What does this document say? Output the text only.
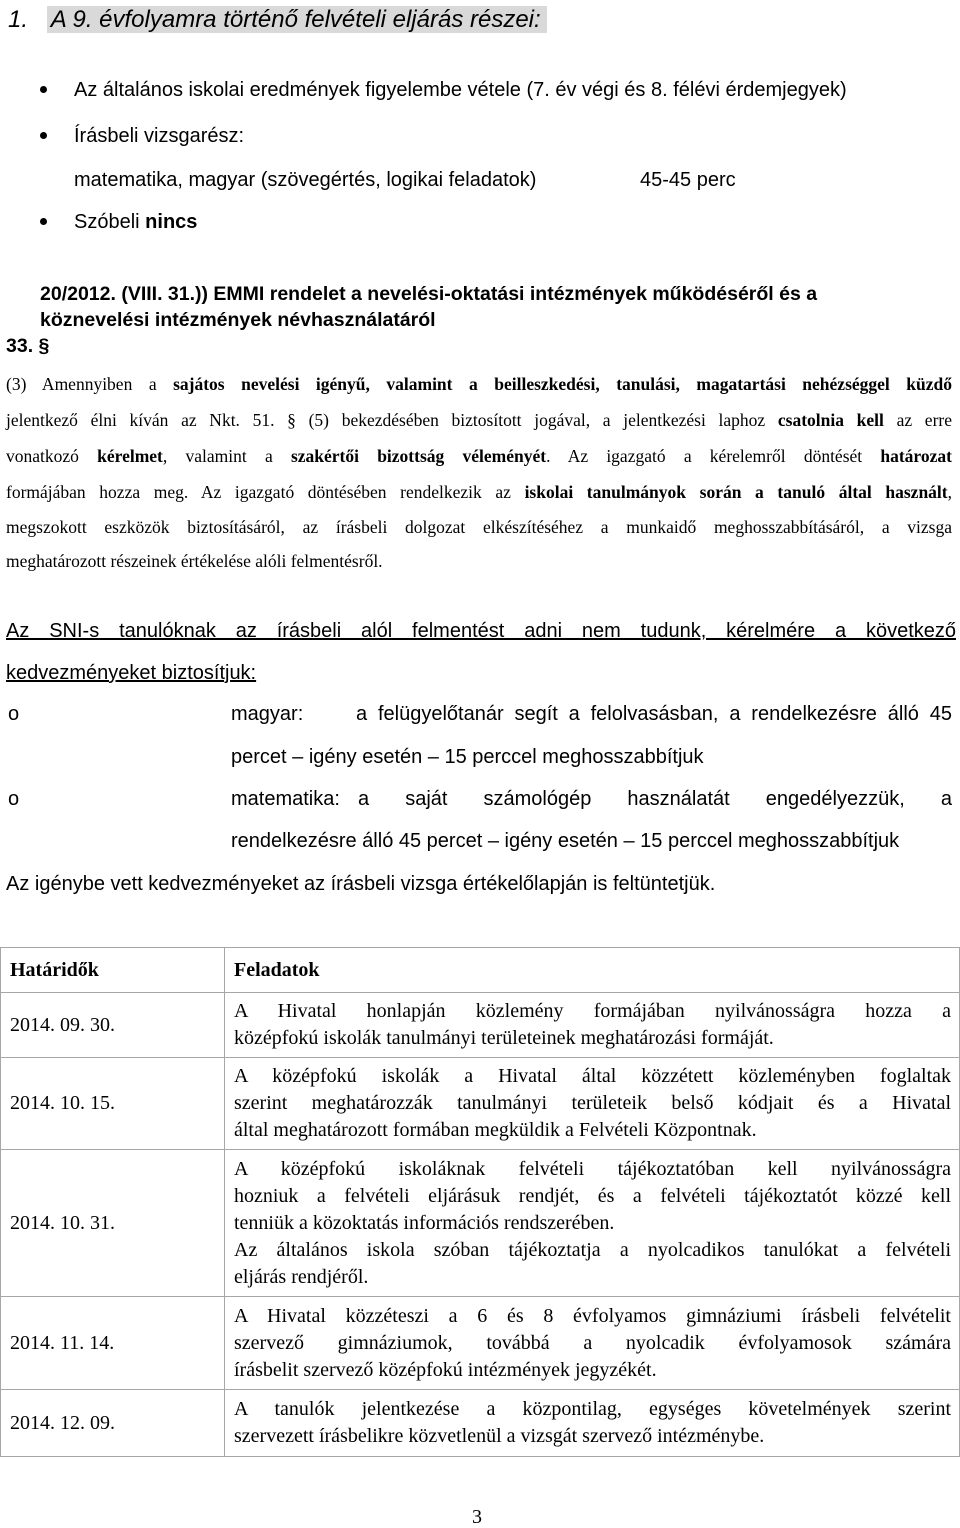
1. A 9. évfolyamra történő felvételi eljárás részei:
Az általános iskolai eredmények figyelembe vétele (7. év végi és 8. félévi érdemjegyek)
Írásbeli vizsgarész:
matematika, magyar (szövegértés, logikai feladatok)	45-45 perc
Szóbeli nincs
20/2012. (VIII. 31.)) EMMI rendelet a nevelési-oktatási intézmények működéséről és a
köznevelési intézmények névhasználatáról
33. §
(3) Amennyiben a sajátos nevelési igényű, valamint a beilleszkedési, tanulási, magatartási nehézséggel küzdő
jelentkező élni kíván az Nkt. 51. § (5) bekezdésében biztosított jogával, a jelentkezési laphoz csatolnia kell az erre
vonatkozó kérelmet, valamint a szakértői bizottság véleményét. Az igazgató a kérelemről döntését határozat
formájában hozza meg. Az igazgató döntésében rendelkezik az iskolai tanulmányok során a tanuló által használt,
megszokott eszközök biztosításáról, az írásbeli dolgozat elkészítéséhez a munkaidő meghosszabbításáról, a vizsga
meghatározott részeinek értékelése alóli felmentésről.
Az SNI-s tanulóknak az írásbeli alól felmentést adni nem tudunk, kérelmére a következő
kedvezményeket biztosítjuk:
o	magyar:	a felügyelőtanár segít a felolvasásban, a rendelkezésre álló 45
percet – igény esetén – 15 perccel meghosszabbítjuk
o	matematika: a saját számológép használatát engedélyezzük, a
rendelkezésre álló 45 percet – igény esetén – 15 perccel meghosszabbítjuk
Az igénybe vett kedvezményeket az írásbeli vizsga értékelőlapján is feltüntetjük.
Határidők	Feladatok
2014. 09. 30.	A Hivatal honlapján közlemény formájában nyilvánosságra hozza a
középfokú iskolák tanulmányi területeinek meghatározási formáját.

2014. 10. 15.	A középfokú iskolák a Hivatal által közzétett közleményben foglaltak
szerint meghatározzák tanulmányi területeik belső kódjait és a Hivatal
által meghatározott formában megküldik a Felvételi Központnak.

2014. 10. 31.	A középfokú iskoláknak felvételi tájékoztatóban kell nyilvánosságra
hozniuk a felvételi eljárásuk rendjét, és a felvételi tájékoztatót közzé kell
tenniük a közoktatás információs rendszerében.
Az általános iskola szóban tájékoztatja a nyolcadikos tanulókat a felvételi
eljárás rendjéről.

2014. 11. 14.	A Hivatal közzéteszi a 6 és 8 évfolyamos gimnáziumi írásbeli felvételit
szervező gimnáziumok, továbbá a nyolcadik évfolyamosok számára
írásbelit szervező középfokú intézmények jegyzékét.

2014. 12. 09.	A tanulók jelentkezése a központilag, egységes követelmények szerint
szervezett írásbelikre közvetlenül a vizsgát szervező intézménybe.
3
